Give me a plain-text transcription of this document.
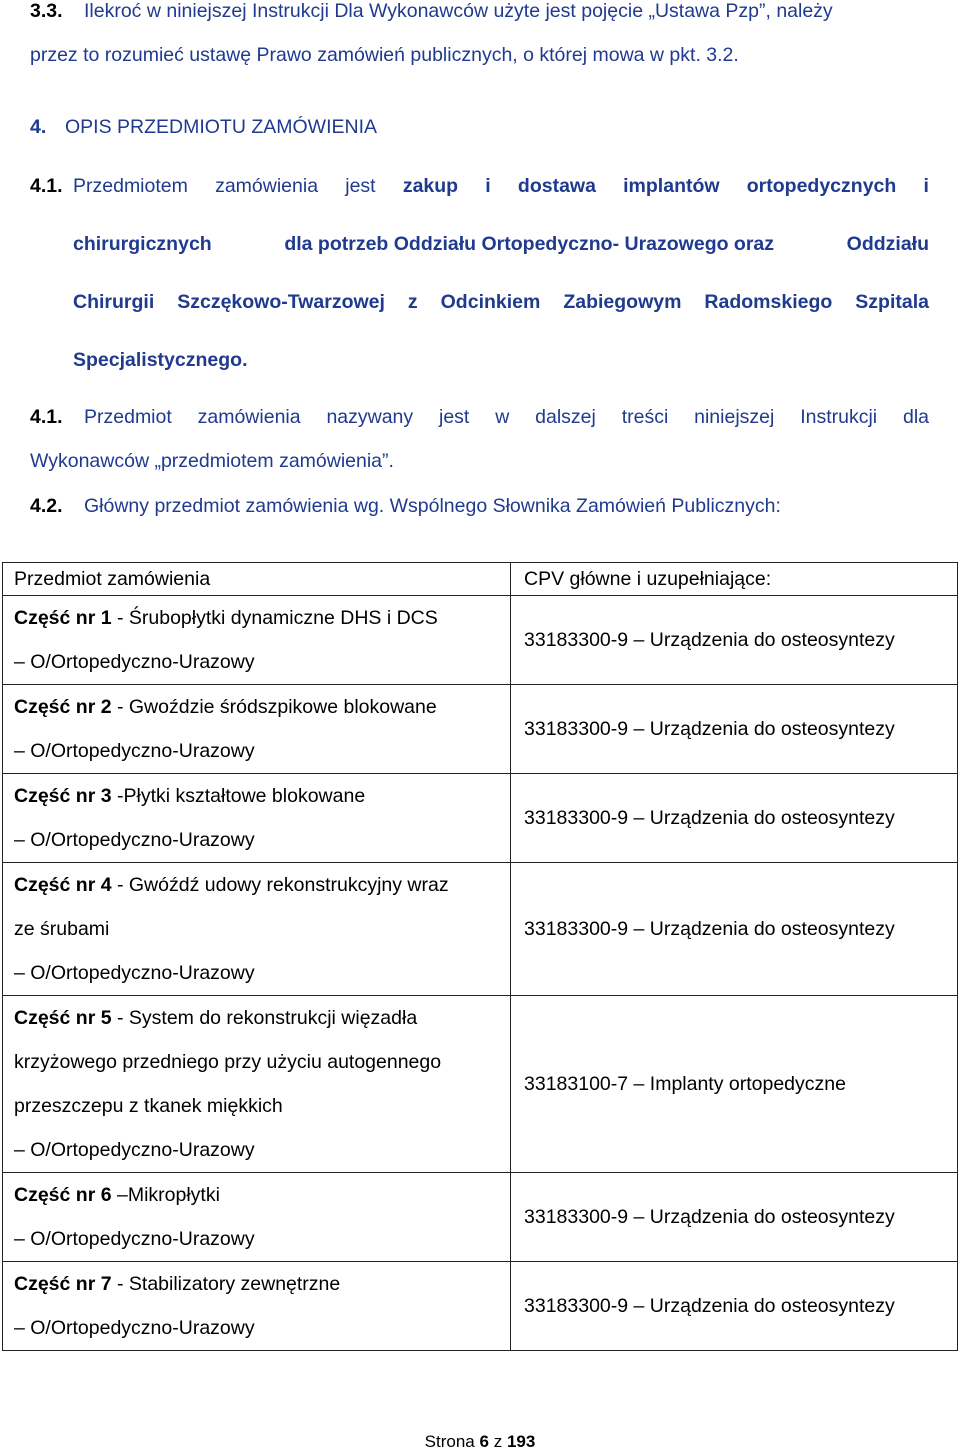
3.3. Ilekroć w niniejszej Instrukcji Dla Wykonawców użyte jest pojęcie „Ustawa Pzp”, należy
przez to rozumieć ustawę Prawo zamówień publicznych, o której mowa w pkt. 3.2.
4. OPIS PRZEDMIOTU ZAMÓWIENIA
4.1. Przedmiotem zamówienia jest zakup i dostawa implantów ortopedycznych i
chirurgicznych	dla potrzeb Oddziału Ortopedyczno- Urazowego oraz	Oddziału
Chirurgii Szczękowo-Twarzowej z Odcinkiem Zabiegowym Radomskiego Szpitala
Specjalistycznego.
4.1. Przedmiot zamówienia nazywany jest w dalszej treści niniejszej Instrukcji dla
Wykonawców „przedmiotem zamówienia”.
4.2. Główny przedmiot zamówienia wg. Wspólnego Słownika Zamówień Publicznych:
Przedmiot zamówienia	CPV główne i uzupełniające:

Część nr 1 - Śrubopłytki dynamiczne DHS i DCS
– O/Ortopedyczno-Urazowy	33183300-9 – Urządzenia do osteosyntezy

Część nr 2 - Gwoździe śródszpikowe blokowane
– O/Ortopedyczno-Urazowy	33183300-9 – Urządzenia do osteosyntezy

Część nr 3 -Płytki kształtowe blokowane
– O/Ortopedyczno-Urazowy	33183300-9 – Urządzenia do osteosyntezy

Część nr 4 - Gwóźdź udowy rekonstrukcyjny wraz
ze śrubami
– O/Ortopedyczno-Urazowy	33183300-9 – Urządzenia do osteosyntezy

Część nr 5 - System do rekonstrukcji więzadła
krzyżowego przedniego przy użyciu autogennego
przeszczepu z tkanek miękkich
– O/Ortopedyczno-Urazowy	33183100-7 – Implanty ortopedyczne

Część nr 6 –Mikropłytki
– O/Ortopedyczno-Urazowy	33183300-9 – Urządzenia do osteosyntezy

Część nr 7 - Stabilizatory zewnętrzne
– O/Ortopedyczno-Urazowy	33183300-9 – Urządzenia do osteosyntezy
Strona 6 z 193
